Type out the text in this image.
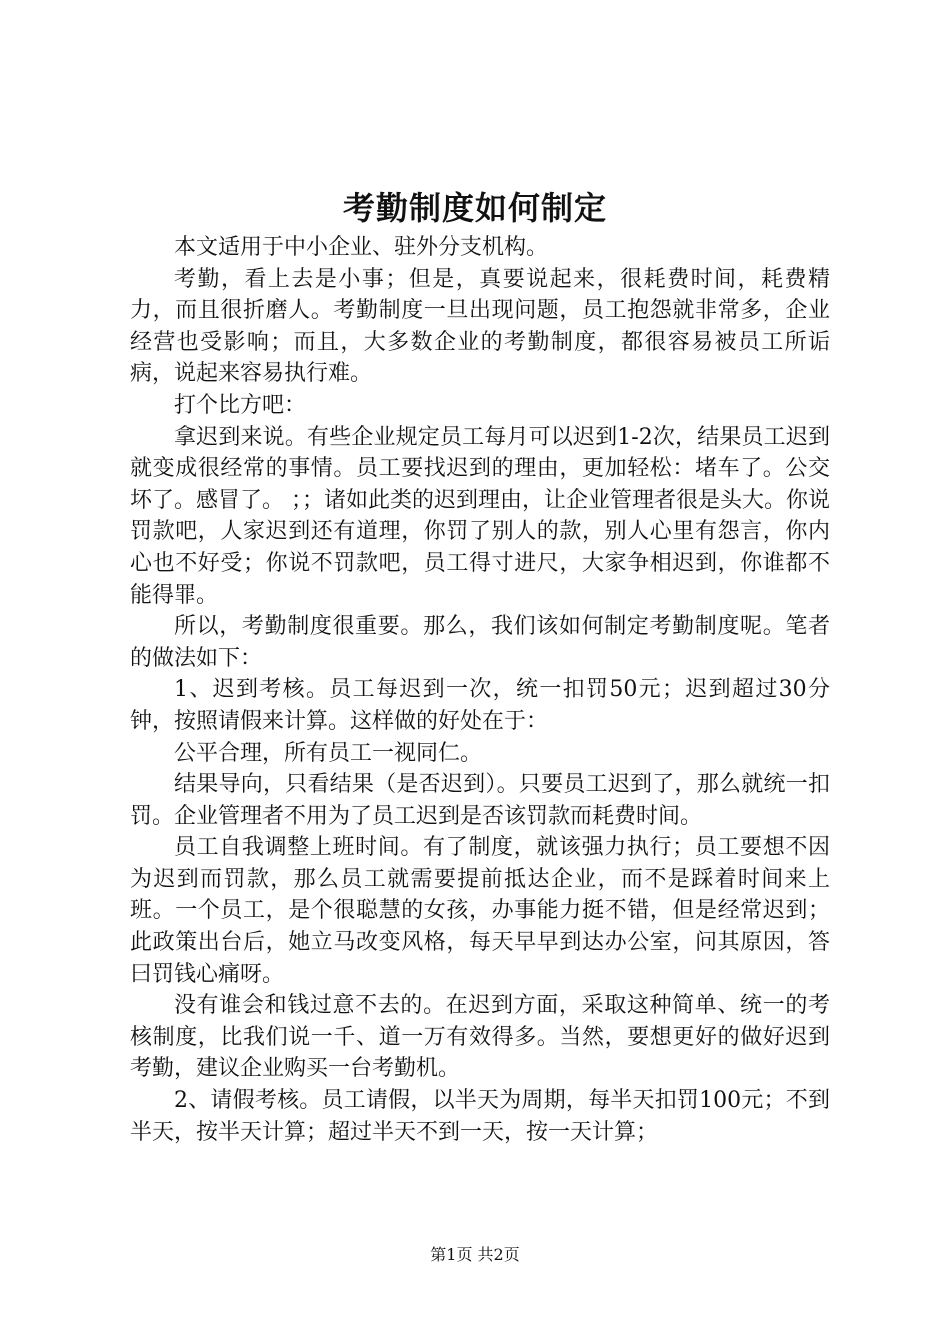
考勤制度如何制定

本文适用于中小企业、驻外分支机构。

考勤，看上去是小事；但是，真要说起来，很耗费时间，耗费精力，而且很折磨人。考勤制度一旦出现问题，员工抱怨就非常多，企业经营也受影响；而且，大多数企业的考勤制度，都很容易被员工所诟病，说起来容易执行难。

打个比方吧：

拿迟到来说。有些企业规定员工每月可以迟到1-2次，结果员工迟到就变成很经常的事情。员工要找迟到的理由，更加轻松：堵车了。公交坏了。感冒了。 ；；诸如此类的迟到理由，让企业管理者很是头大。你说罚款吧，人家迟到还有道理，你罚了别人的款，别人心里有怨言，你内心也不好受；你说不罚款吧，员工得寸进尺，大家争相迟到，你谁都不能得罪。

所以，考勤制度很重要。那么，我们该如何制定考勤制度呢。笔者的做法如下：

1、迟到考核。员工每迟到一次，统一扣罚50元；迟到超过30分钟，按照请假来计算。这样做的好处在于：

公平合理，所有员工一视同仁。

结果导向，只看结果（是否迟到）。只要员工迟到了，那么就统一扣罚。企业管理者不用为了员工迟到是否该罚款而耗费时间。

员工自我调整上班时间。有了制度，就该强力执行；员工要想不因为迟到而罚款，那么员工就需要提前抵达企业，而不是踩着时间来上班。一个员工，是个很聪慧的女孩，办事能力挺不错，但是经常迟到；此政策出台后，她立马改变风格，每天早早到达办公室，问其原因，答曰罚钱心痛呀。

没有谁会和钱过意不去的。在迟到方面，采取这种简单、统一的考核制度，比我们说一千、道一万有效得多。当然，要想更好的做好迟到考勤，建议企业购买一台考勤机。

2、请假考核。员工请假，以半天为周期，每半天扣罚100元；不到半天，按半天计算；超过半天不到一天，按一天计算；

第1页 共2页
